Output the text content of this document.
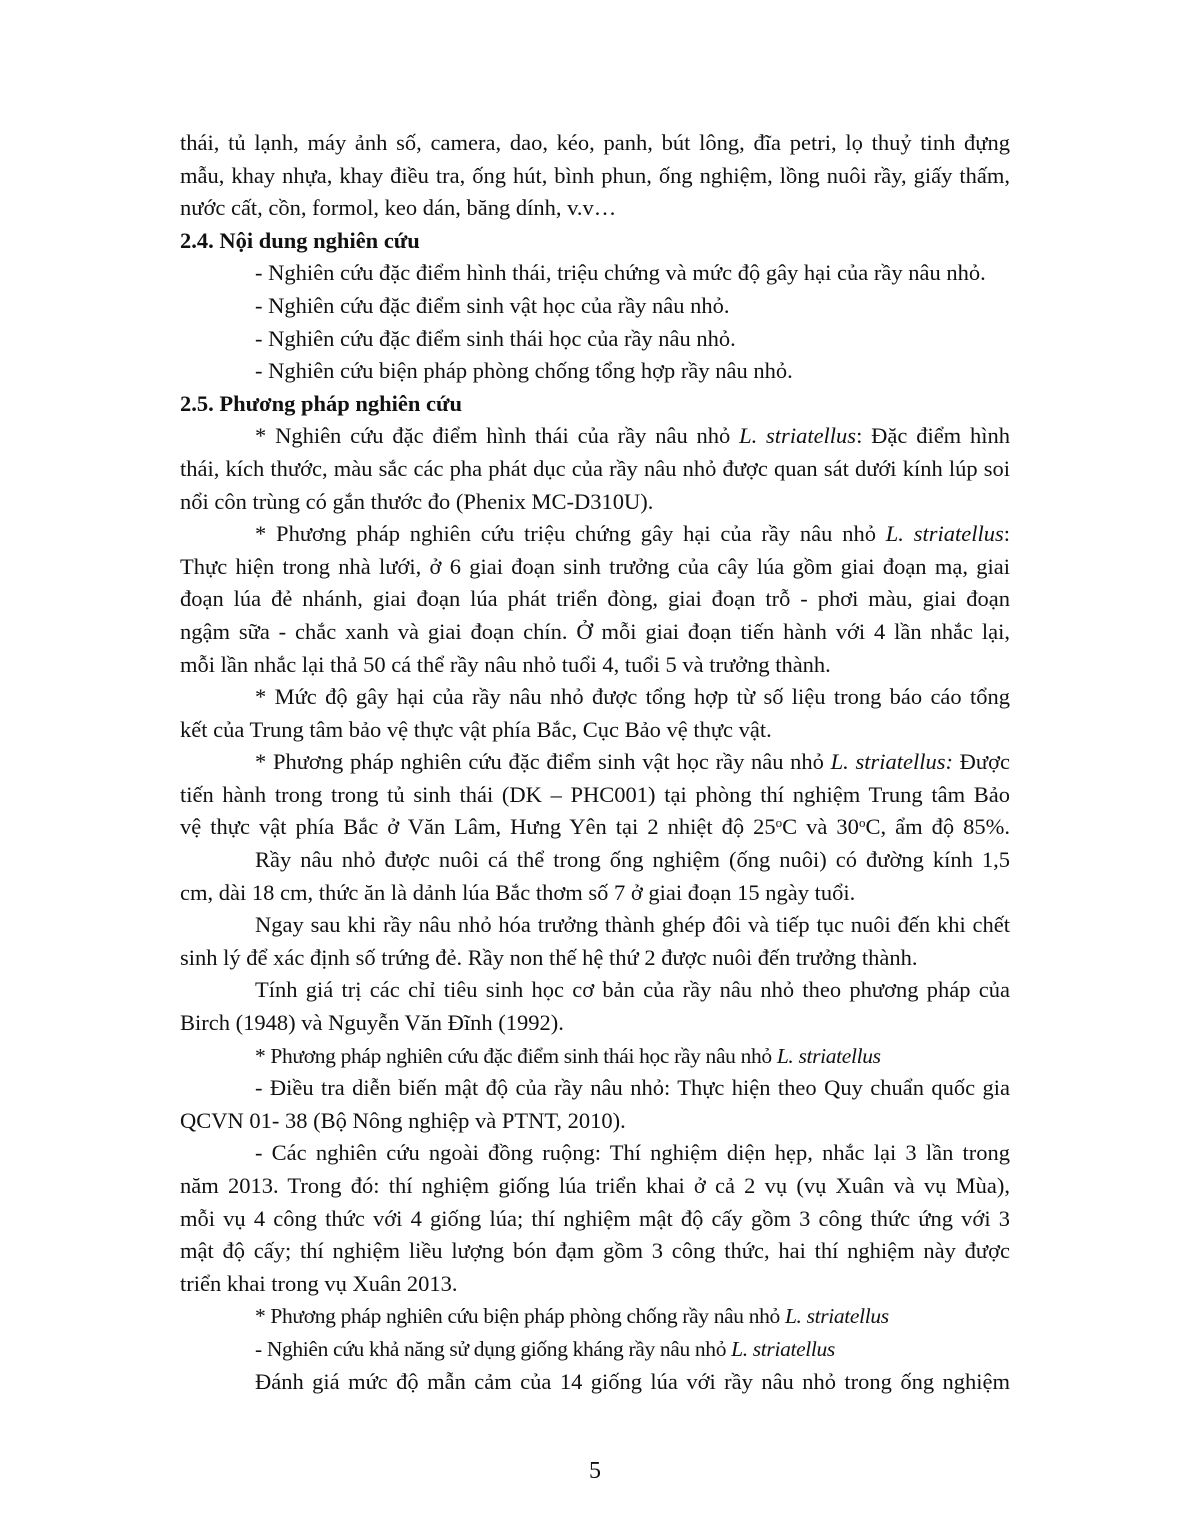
thái, tủ lạnh, máy ảnh số, camera, dao, kéo, panh, bút lông, đĩa petri, lọ thuỷ tinh đựng
mẫu, khay nhựa, khay điều tra, ống hút, bình phun, ống nghiệm, lồng nuôi rầy, giấy thấm,
nước cất, cồn, formol, keo dán, băng dính, v.v…
2.4. Nội dung nghiên cứu
- Nghiên cứu đặc điểm hình thái, triệu chứng và mức độ gây hại của rầy nâu nhỏ.
- Nghiên cứu đặc điểm sinh vật học của rầy nâu nhỏ.
- Nghiên cứu đặc điểm sinh thái học của rầy nâu nhỏ.
- Nghiên cứu biện pháp phòng chống tổng hợp rầy nâu nhỏ.
2.5. Phương pháp nghiên cứu
* Nghiên cứu đặc điểm hình thái của rầy nâu nhỏ L. striatellus: Đặc điểm hình
thái, kích thước, màu sắc các pha phát dục của rầy nâu nhỏ được quan sát dưới kính lúp soi
nổi côn trùng có gắn thước đo (Phenix MC-D310U).
* Phương pháp nghiên cứu triệu chứng gây hại của rầy nâu nhỏ L. striatellus:
Thực hiện trong nhà lưới, ở 6 giai đoạn sinh trưởng của cây lúa gồm giai đoạn mạ, giai
đoạn lúa đẻ nhánh, giai đoạn lúa phát triển đòng, giai đoạn trỗ - phơi màu, giai đoạn
ngậm sữa - chắc xanh và giai đoạn chín. Ở mỗi giai đoạn tiến hành với 4 lần nhắc lại,
mỗi lần nhắc lại thả 50 cá thể rầy nâu nhỏ tuổi 4, tuổi 5 và trưởng thành.
* Mức độ gây hại của rầy nâu nhỏ được tổng hợp từ số liệu trong báo cáo tổng
kết của Trung tâm bảo vệ thực vật phía Bắc, Cục Bảo vệ thực vật.
* Phương pháp nghiên cứu đặc điểm sinh vật học rầy nâu nhỏ L. striatellus: Được
tiến hành trong trong tủ sinh thái (DK – PHC001) tại phòng thí nghiệm Trung tâm Bảo
vệ thực vật phía Bắc ở Văn Lâm, Hưng Yên tại 2 nhiệt độ 25$^o$C và 30$^o$C, ẩm độ 85%.
Rầy nâu nhỏ được nuôi cá thể trong ống nghiệm (ống nuôi) có đường kính 1,5
cm, dài 18 cm, thức ăn là dảnh lúa Bắc thơm số 7 ở giai đoạn 15 ngày tuổi.
Ngay sau khi rầy nâu nhỏ hóa trưởng thành ghép đôi và tiếp tục nuôi đến khi chết
sinh lý để xác định số trứng đẻ. Rầy non thế hệ thứ 2 được nuôi đến trưởng thành.
Tính giá trị các chỉ tiêu sinh học cơ bản của rầy nâu nhỏ theo phương pháp của
Birch (1948) và Nguyễn Văn Đĩnh (1992).
* Phương pháp nghiên cứu đặc điểm sinh thái học rầy nâu nhỏ L. striatellus
- Điều tra diễn biến mật độ của rầy nâu nhỏ: Thực hiện theo Quy chuẩn quốc gia
QCVN 01- 38 (Bộ Nông nghiệp và PTNT, 2010).
- Các nghiên cứu ngoài đồng ruộng: Thí nghiệm diện hẹp, nhắc lại 3 lần trong
năm 2013. Trong đó: thí nghiệm giống lúa triển khai ở cả 2 vụ (vụ Xuân và vụ Mùa),
mỗi vụ 4 công thức với 4 giống lúa; thí nghiệm mật độ cấy gồm 3 công thức ứng với 3
mật độ cấy; thí nghiệm liều lượng bón đạm gồm 3 công thức, hai thí nghiệm này được
triển khai trong vụ Xuân 2013.
* Phương pháp nghiên cứu biện pháp phòng chống rầy nâu nhỏ L. striatellus
- Nghiên cứu khả năng sử dụng giống kháng rầy nâu nhỏ L. striatellus
Đánh giá mức độ mẫn cảm của 14 giống lúa với rầy nâu nhỏ trong ống nghiệm
5
